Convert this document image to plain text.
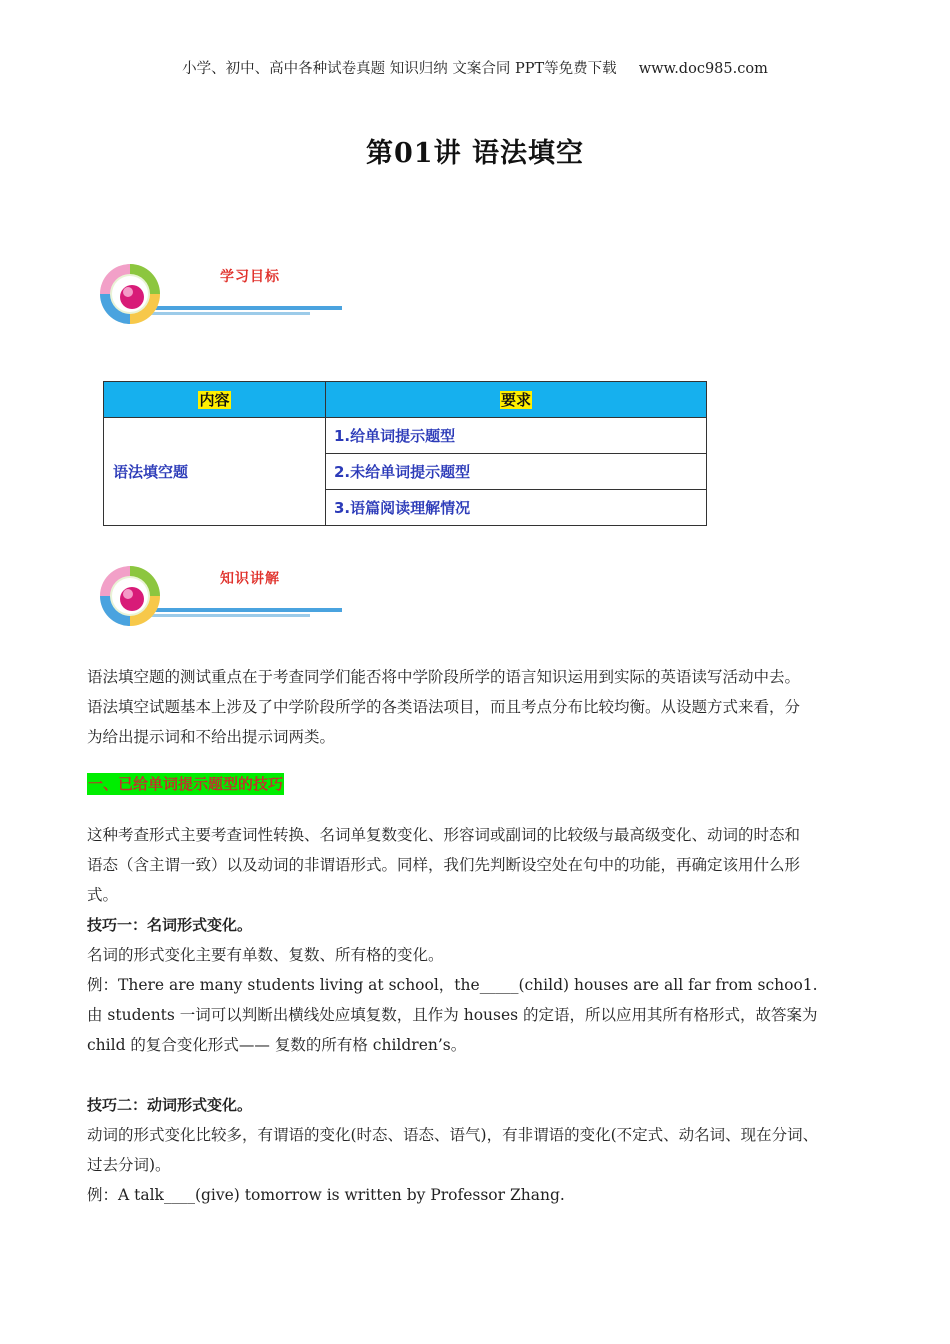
小学、初中、高中各种试卷真题 知识归纳 文案合同 PPT等免费下载 www.doc985.com
第01讲 语法填空
学习目标
内容	要求
语法填空题	1.给单词提示题型
	2.未给单词提示题型
	3.语篇阅读理解情况
知识讲解
语法填空题的测试重点在于考查同学们能否将中学阶段所学的语言知识运用到实际的英语读写活动中去。
语法填空试题基本上涉及了中学阶段所学的各类语法项目，而且考点分布比较均衡。从设题方式来看，分
为给出提示词和不给出提示词两类。
一、已给单词提示题型的技巧
这种考查形式主要考查词性转换、名词单复数变化、形容词或副词的比较级与最高级变化、动词的时态和
语态（含主谓一致）以及动词的非谓语形式。同样，我们先判断设空处在句中的功能，再确定该用什么形
式。
技巧一：名词形式变化。
名词的形式变化主要有单数、复数、所有格的变化。
例：There are many students living at school，the_____(child) houses are all far from schoo1.
由 students 一词可以判断出横线处应填复数，且作为 houses 的定语，所以应用其所有格形式，故答案为
child 的复合变化形式—— 复数的所有格 children’s。
技巧二：动词形式变化。
动词的形式变化比较多，有谓语的变化(时态、语态、语气)，有非谓语的变化(不定式、动名词、现在分词、
过去分词)。
例：A talk____(give) tomorrow is written by Professor Zhang.
